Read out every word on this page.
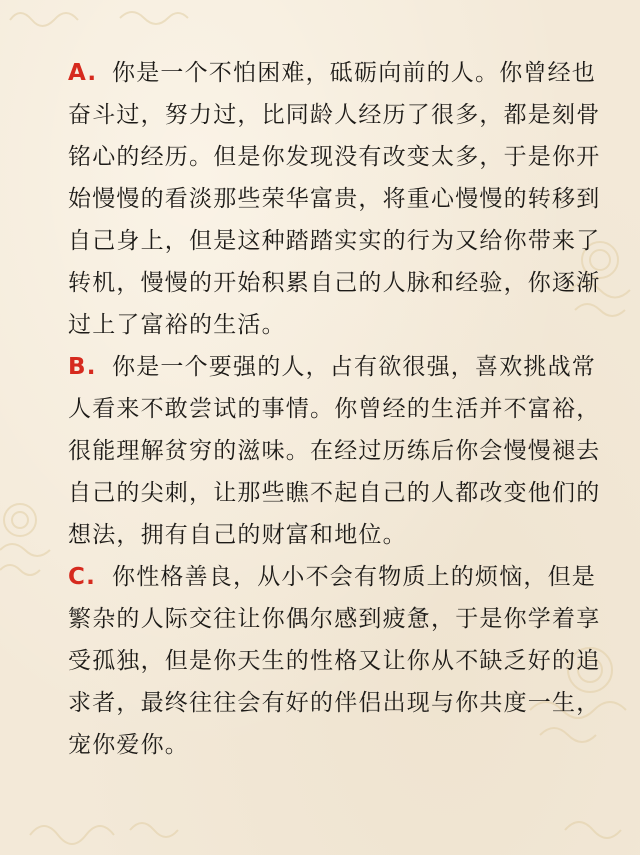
A. 你是一个不怕困难，砥砺向前的人。你曾经也
奋斗过，努力过，比同龄人经历了很多，都是刻骨
铭心的经历。但是你发现没有改变太多，于是你开
始慢慢的看淡那些荣华富贵，将重心慢慢的转移到
自己身上，但是这种踏踏实实的行为又给你带来了
转机，慢慢的开始积累自己的人脉和经验，你逐渐
过上了富裕的生活。

B. 你是一个要强的人，占有欲很强，喜欢挑战常
人看来不敢尝试的事情。你曾经的生活并不富裕，
很能理解贫穷的滋味。在经过历练后你会慢慢褪去
自己的尖刺，让那些瞧不起自己的人都改变他们的
想法，拥有自己的财富和地位。

C. 你性格善良，从小不会有物质上的烦恼，但是
繁杂的人际交往让你偶尔感到疲惫，于是你学着享
受孤独，但是你天生的性格又让你从不缺乏好的追
求者，最终往往会有好的伴侣出现与你共度一生，
宠你爱你。
